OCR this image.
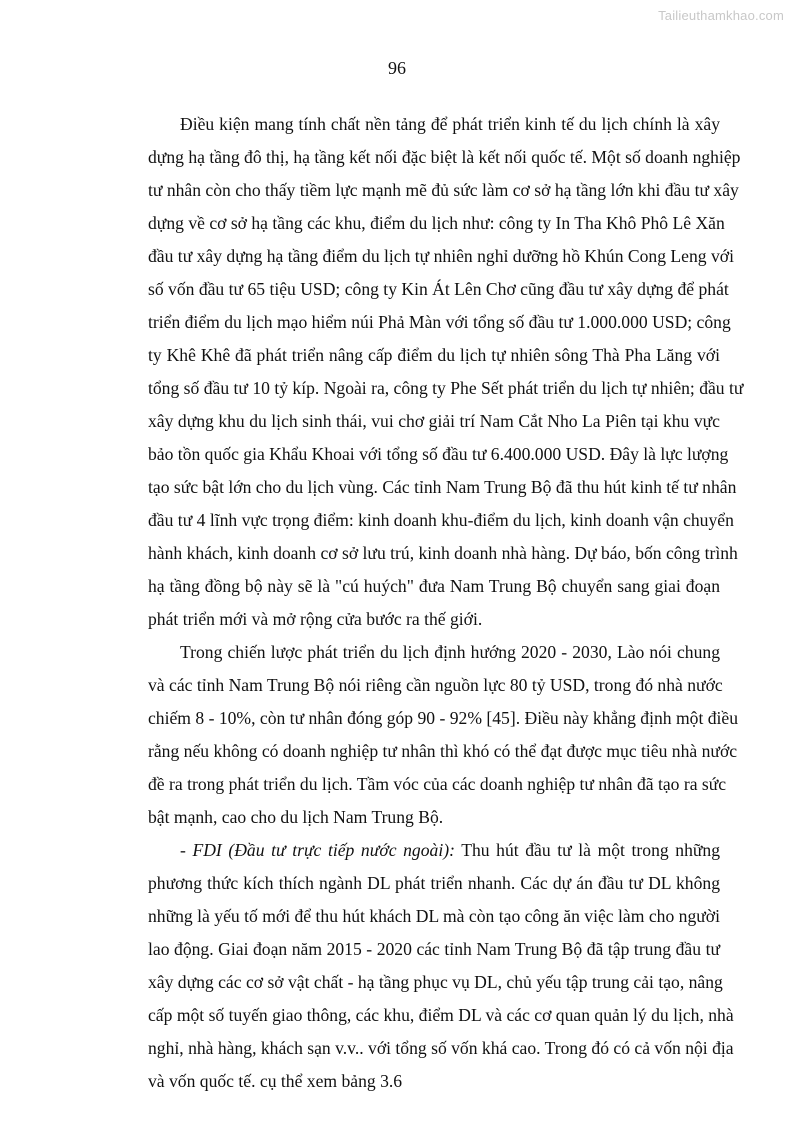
Tailieuthamkhao.com
96
Điều kiện mang tính chất nền tảng để phát triển kinh tế du lịch chính là xây
dựng hạ tầng đô thị, hạ tầng kết nối đặc biệt là kết nối quốc tế. Một số doanh nghiệp
tư nhân còn cho thấy tiềm lực mạnh mẽ đủ sức làm cơ sở hạ tầng lớn khi đầu tư xây
dựng về cơ sở hạ tầng các khu, điểm du lịch như: công ty In Tha Khô Phô Lê Xăn
đầu tư xây dựng hạ tầng điểm du lịch tự nhiên nghỉ dưỡng hồ Khún Cong Leng với
số vốn đầu tư 65 tiệu USD; công ty Kin Át Lên Chơ cũng đầu tư xây dựng để phát
triển điểm du lịch mạo hiểm núi Phả Màn với tổng số đầu tư 1.000.000 USD; công
ty Khê Khê đã phát triển nâng cấp điểm du lịch tự nhiên sông Thà Pha Lăng với
tổng số đầu tư 10 tỷ kíp. Ngoài ra, công ty Phe Sết phát triển du lịch tự nhiên; đầu tư
xây dựng khu du lịch sinh thái, vui chơ giải trí Nam Cắt Nho La Piên tại khu vực
bảo tồn quốc gia Khẩu Khoai với tổng số đầu tư 6.400.000 USD. Đây là lực lượng
tạo sức bật lớn cho du lịch vùng. Các tỉnh Nam Trung Bộ đã thu hút kinh tế tư nhân
đầu tư 4 lĩnh vực trọng điểm: kinh doanh khu-điểm du lịch, kinh doanh vận chuyển
hành khách, kinh doanh cơ sở lưu trú, kinh doanh nhà hàng. Dự báo, bốn công trình
hạ tầng đồng bộ này sẽ là "cú huých" đưa Nam Trung Bộ chuyển sang giai đoạn
phát triển mới và mở rộng cửa bước ra thế giới.
Trong chiến lược phát triển du lịch định hướng 2020 - 2030, Lào nói chung
và các tỉnh Nam Trung Bộ nói riêng cần nguồn lực 80 tỷ USD, trong đó nhà nước
chiếm 8 - 10%, còn tư nhân đóng góp 90 - 92% [45]. Điều này khẳng định một điều
rằng nếu không có doanh nghiệp tư nhân thì khó có thể đạt được mục tiêu nhà nước
đề ra trong phát triển du lịch. Tầm vóc của các doanh nghiệp tư nhân đã tạo ra sức
bật mạnh, cao cho du lịch Nam Trung Bộ.
- FDI (Đầu tư trực tiếp nước ngoài): Thu hút đầu tư là một trong những
phương thức kích thích ngành DL phát triển nhanh. Các dự án đầu tư DL không
những là yếu tố mới để thu hút khách DL mà còn tạo công ăn việc làm cho người
lao động. Giai đoạn năm 2015 - 2020 các tỉnh Nam Trung Bộ đã tập trung đầu tư
xây dựng các cơ sở vật chất - hạ tầng phục vụ DL, chủ yếu tập trung cải tạo, nâng
cấp một số tuyến giao thông, các khu, điểm DL và các cơ quan quản lý du lịch, nhà
nghỉ, nhà hàng, khách sạn v.v.. với tổng số vốn khá cao. Trong đó có cả vốn nội địa
và vốn quốc tế. cụ thể xem bảng 3.6
